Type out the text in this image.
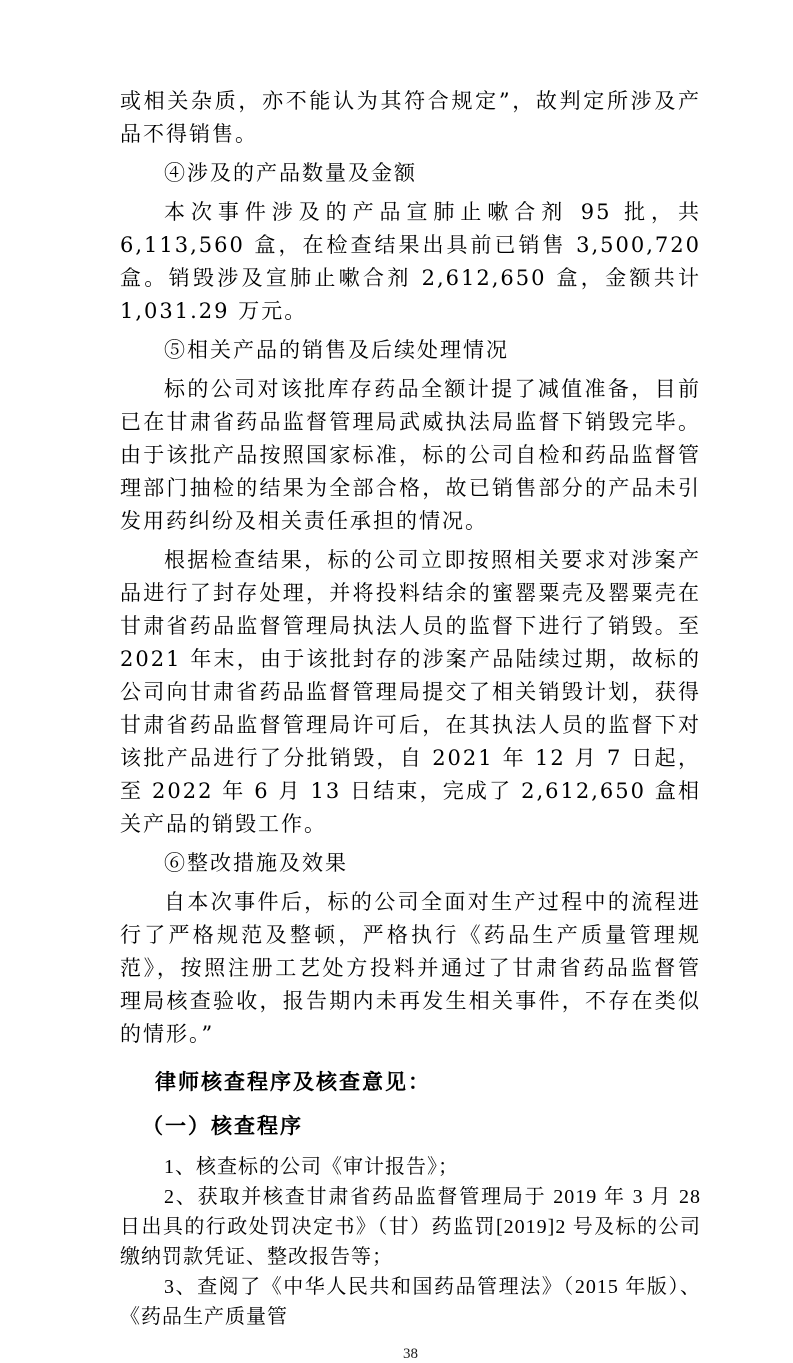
或相关杂质，亦不能认为其符合规定”，故判定所涉及产品不得销售。

④涉及的产品数量及金额

本次事件涉及的产品宣肺止嗽合剂 95 批，共 6,113,560 盒，在检查结果出具前已销售 3,500,720 盒。销毁涉及宣肺止嗽合剂 2,612,650 盒，金额共计 1,031.29 万元。

⑤相关产品的销售及后续处理情况

标的公司对该批库存药品全额计提了减值准备，目前已在甘肃省药品监督管理局武威执法局监督下销毁完毕。由于该批产品按照国家标准，标的公司自检和药品监督管理部门抽检的结果为全部合格，故已销售部分的产品未引发用药纠纷及相关责任承担的情况。

根据检查结果，标的公司立即按照相关要求对涉案产品进行了封存处理，并将投料结余的蜜罂粟壳及罂粟壳在甘肃省药品监督管理局执法人员的监督下进行了销毁。至 2021 年末，由于该批封存的涉案产品陆续过期，故标的公司向甘肃省药品监督管理局提交了相关销毁计划，获得甘肃省药品监督管理局许可后，在其执法人员的监督下对该批产品进行了分批销毁，自 2021 年 12 月 7 日起，至 2022 年 6 月 13 日结束，完成了 2,612,650 盒相关产品的销毁工作。

⑥整改措施及效果

自本次事件后，标的公司全面对生产过程中的流程进行了严格规范及整顿，严格执行《药品生产质量管理规范》，按照注册工艺处方投料并通过了甘肃省药品监督管理局核查验收，报告期内未再发生相关事件，不存在类似的情形。”

律师核查程序及核查意见：

（一）核查程序

1、核查标的公司《审计报告》；

2、获取并核查甘肃省药品监督管理局于 2019 年 3 月 28 日出具的行政处罚决定书》（甘）药监罚[2019]2 号及标的公司缴纳罚款凭证、整改报告等；

3、查阅了《中华人民共和国药品管理法》（2015 年版）、《药品生产质量管

38
